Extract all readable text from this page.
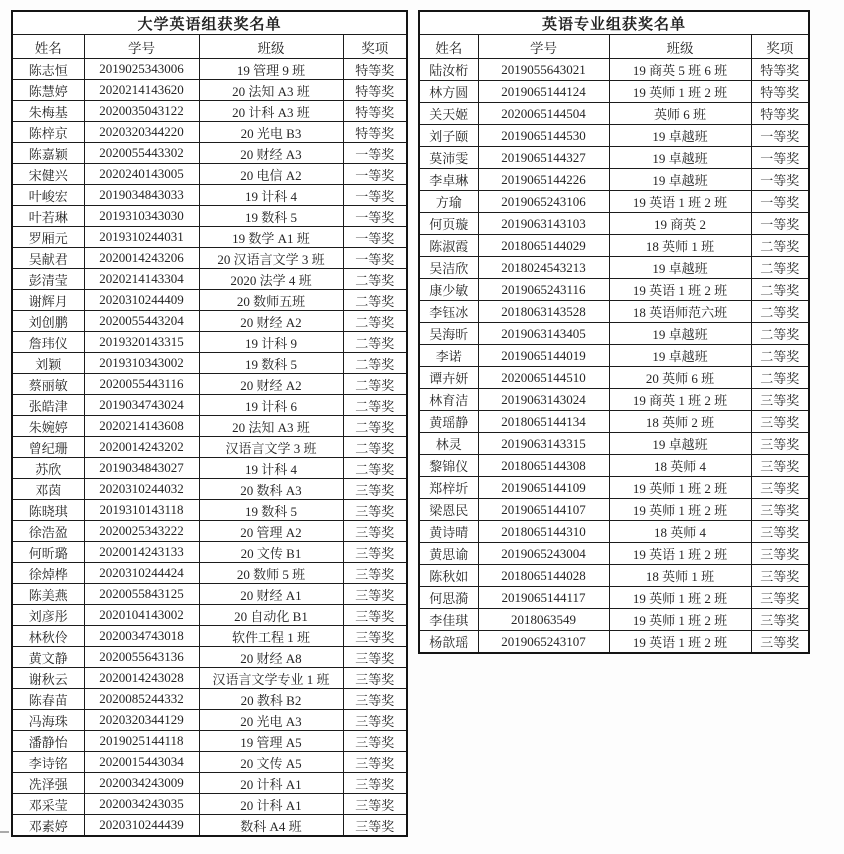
大学英语组获奖名单			
姓名	学号	班级	奖项
陈志恒	2019025343006	19 管理 9 班	特等奖
陈慧婷	2020214143620	20 法知 A3 班	特等奖
朱梅基	2020035043122	20 计科 A3 班	特等奖
陈梓京	2020320344220	20 光电 B3	特等奖
陈嘉颖	2020055443302	20 财经 A3	一等奖
宋健兴	2020240143005	20 电信 A2	一等奖
叶峻宏	2019034843033	19 计科 4	一等奖
叶若琳	2019310343030	19 数科 5	一等奖
罗厢元	2019310244031	19 数学 A1 班	一等奖
吴献君	2020014243206	20 汉语言文学 3 班	一等奖
彭清莹	2020214143304	2020 法学 4 班	二等奖
谢辉月	2020310244409	20 数师五班	二等奖
刘创鹏	2020055443204	20 财经 A2	二等奖
詹玮仪	2019320143315	19 计科 9	二等奖
刘颖	2019310343002	19 数科 5	二等奖
蔡丽敏	2020055443116	20 财经 A2	二等奖
张皓津	2019034743024	19 计科 6	二等奖
朱婉婷	2020214143608	20 法知 A3 班	二等奖
曾纪珊	2020014243202	汉语言文学 3 班	二等奖
苏欣	2019034843027	19 计科 4	二等奖
邓茵	2020310244032	20 数科 A3	三等奖
陈晓琪	2019310143118	19 数科 5	三等奖
徐浩盈	2020025343222	20 管理 A2	三等奖
何昕璐	2020014243133	20 文传 B1	三等奖
徐焯桦	2020310244424	20 数师 5 班	三等奖
陈美燕	2020055843125	20 财经 A1	三等奖
刘彦彤	2020104143002	20 自动化 B1	三等奖
林秋伶	2020034743018	软件工程 1 班	三等奖
黄文静	2020055643136	20 财经 A8	三等奖
谢秋云	2020014243028	汉语言文学专业 1 班	三等奖
陈春苗	2020085244332	20 教科 B2	三等奖
冯海珠	2020320344129	20 光电 A3	三等奖
潘静怡	2019025144118	19 管理 A5	三等奖
李诗铭	2020015443034	20 文传 A5	三等奖
冼泽强	2020034243009	20 计科 A1	三等奖
邓采莹	2020034243035	20 计科 A1	三等奖
邓素婷	2020310244439	数科 A4 班	三等奖
英语专业组获奖名单			
姓名	学号	班级	奖项
陆汝桁	2019055643021	19 商英 5 班 6 班	特等奖
林方圆	2019065144124	19 英师 1 班 2 班	特等奖
关天姬	2020065144504	英师 6 班	特等奖
刘子颐	2019065144530	19 卓越班	一等奖
莫沛雯	2019065144327	19 卓越班	一等奖
李卓琳	2019065144226	19 卓越班	一等奖
方瑜	2019065243106	19 英语 1 班 2 班	一等奖
何页璇	2019063143103	19 商英 2	一等奖
陈淑霞	2018065144029	18 英师 1 班	二等奖
吴洁欣	2018024543213	19 卓越班	二等奖
康少敏	2019065243116	19 英语 1 班 2 班	二等奖
李钰冰	2018063143528	18 英语师范六班	二等奖
吴海昕	2019063143405	19 卓越班	二等奖
李诺	2019065144019	19 卓越班	二等奖
谭卉妍	2020065144510	20 英师 6 班	二等奖
林育洁	2019063143024	19 商英 1 班 2 班	三等奖
黄瑶静	2018065144134	18 英师 2 班	三等奖
林灵	2019063143315	19 卓越班	三等奖
黎锦仪	2018065144308	18 英师 4	三等奖
郑梓圻	2019065144109	19 英师 1 班 2 班	三等奖
梁恩民	2019065144107	19 英师 1 班 2 班	三等奖
黄诗晴	2018065144310	18 英师 4	三等奖
黄思谕	2019065243004	19 英语 1 班 2 班	三等奖
陈秋如	2018065144028	18 英师 1 班	三等奖
何思漪	2019065144117	19 英师 1 班 2 班	三等奖
李佳琪	2018063549	19 英师 1 班 2 班	三等奖
杨歆瑶	2019065243107	19 英语 1 班 2 班	三等奖
